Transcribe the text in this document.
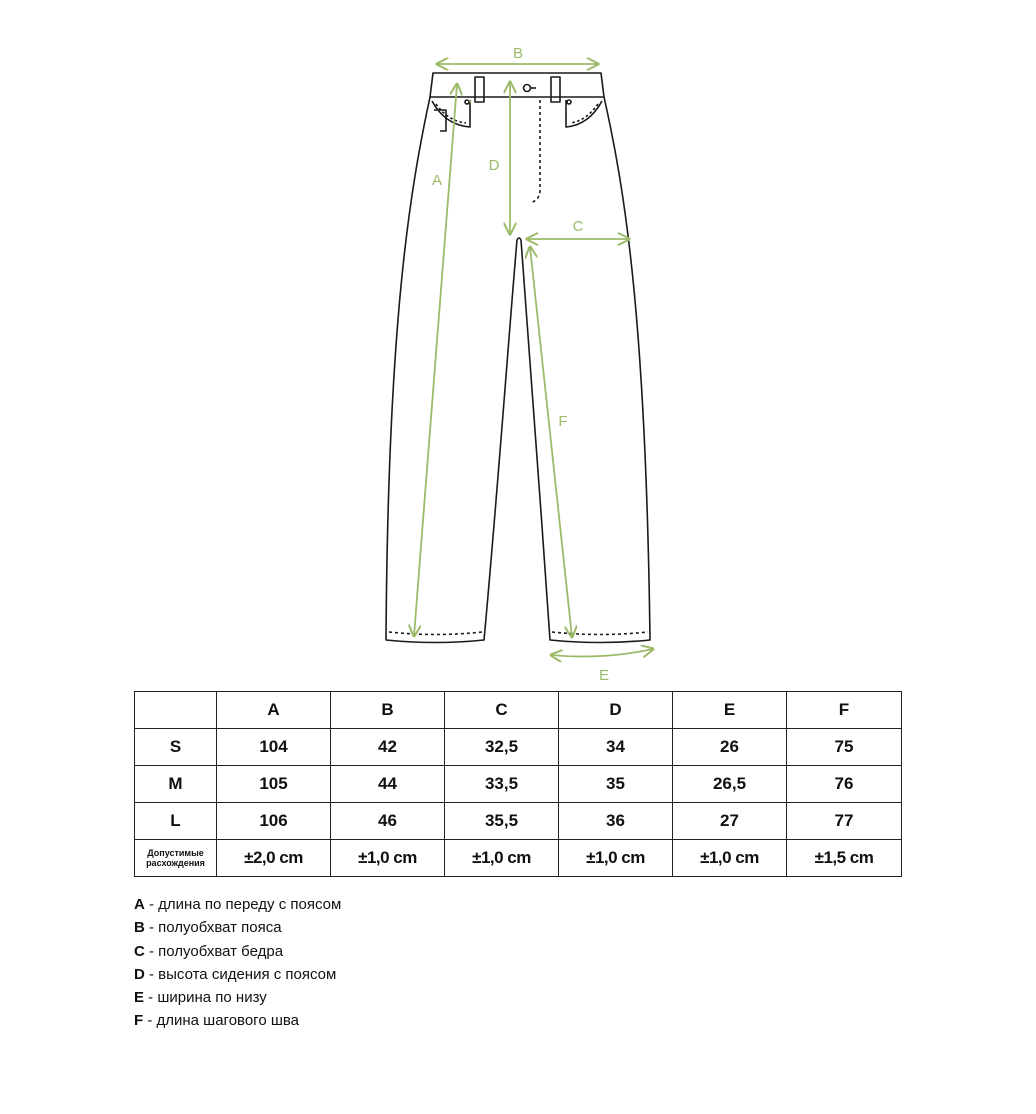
B
A
D
C
F
E
	A	B	C	D	E	F
S	104	42	32,5	34	26	75
M	105	44	33,5	35	26,5	76
L	106	46	35,5	36	27	77
Допустимые
расхождения	±2,0 cm	±1,0 cm	±1,0 cm	±1,0 cm	±1,0 cm	±1,5 cm
A - длина по переду с поясом
B - полуобхват пояса
C - полуобхват бедра
D - высота сидения с поясом
E - ширина по низу
F - длина шагового шва
